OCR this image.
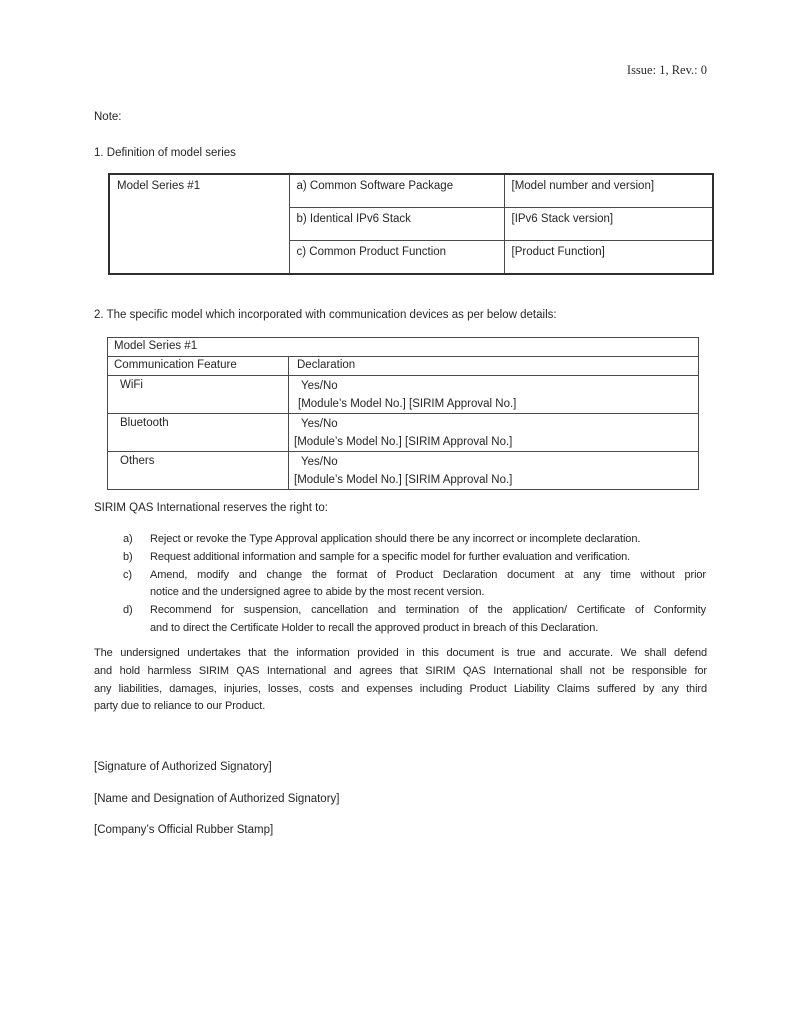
Issue: 1, Rev.: 0
Note:
1. Definition of model series
Model Series #1	a) Common Software Package	[Model number and version]
	b) Identical IPv6 Stack	[IPv6 Stack version]
	c) Common Product Function	[Product Function]
2. The specific model which incorporated with communication devices as per below details:
Model Series #1	
Communication Feature	Declaration
WiFi	Yes/No
[Module’s Model No.] [SIRIM Approval No.]

Bluetooth	Yes/No
[Module’s Model No.] [SIRIM Approval No.]

Others	Yes/No
[Module’s Model No.] [SIRIM Approval No.]
SIRIM QAS International reserves the right to:
a)	Reject or revoke the Type Approval application should there be any incorrect or incomplete declaration.
b)	Request additional information and sample for a specific model for further evaluation and verification.
c)	Amend, modify and change the format of Product Declaration document at any time without prior
notice and the undersigned agree to abide by the most recent version.
d)	Recommend for suspension, cancellation and termination of the application/ Certificate of Conformity
and to direct the Certificate Holder to recall the approved product in breach of this Declaration.
The undersigned undertakes that the information provided in this document is true and accurate. We shall defend
and hold harmless SIRIM QAS International and agrees that SIRIM QAS International shall not be responsible for
any liabilities, damages, injuries, losses, costs and expenses including Product Liability Claims suffered by any third
party due to reliance to our Product.
[Signature of Authorized Signatory]
[Name and Designation of Authorized Signatory]
[Company’s Official Rubber Stamp]
